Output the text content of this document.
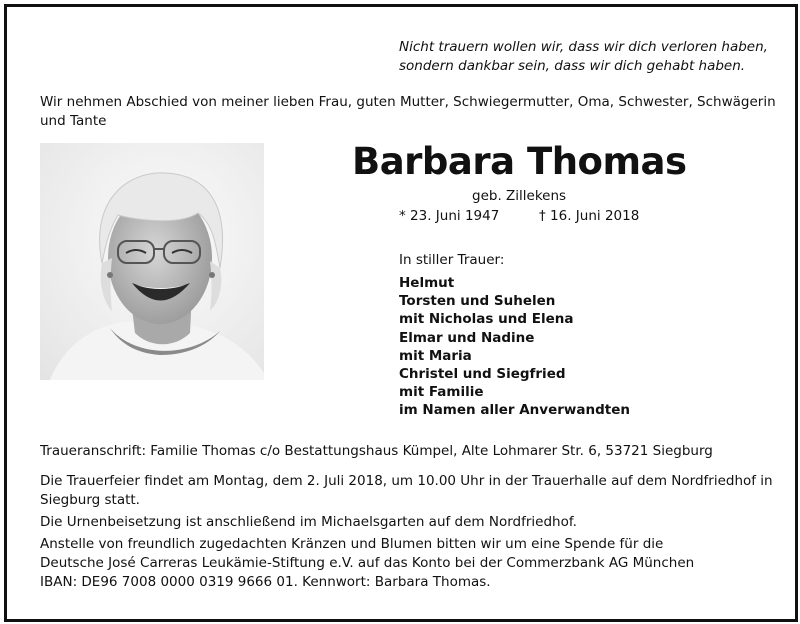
Nicht trauern wollen wir, dass wir dich verloren haben,
sondern dankbar sein, dass wir dich gehabt haben.
Wir nehmen Abschied von meiner lieben Frau, guten Mutter, Schwiegermutter, Oma, Schwester, Schwägerin
und Tante
Barbara Thomas
geb. Zillekens
* 23. Juni 1947	† 16. Juni 2018
In stiller Trauer:
Helmut
Torsten und Suhelen
mit Nicholas und Elena
Elmar und Nadine
mit Maria
Christel und Siegfried
mit Familie
im Namen aller Anverwandten
Traueranschrift: Familie Thomas c/o Bestattungshaus Kümpel, Alte Lohmarer Str. 6, 53721 Siegburg
Die Trauerfeier findet am Montag, dem 2. Juli 2018, um 10.00 Uhr in der Trauerhalle auf dem Nordfriedhof in
Siegburg statt.
Die Urnenbeisetzung ist anschließend im Michaelsgarten auf dem Nordfriedhof.
Anstelle von freundlich zugedachten Kränzen und Blumen bitten wir um eine Spende für die
Deutsche José Carreras Leukämie-Stiftung e.V. auf das Konto bei der Commerzbank AG München
IBAN: DE96 7008 0000 0319 9666 01. Kennwort: Barbara Thomas.
